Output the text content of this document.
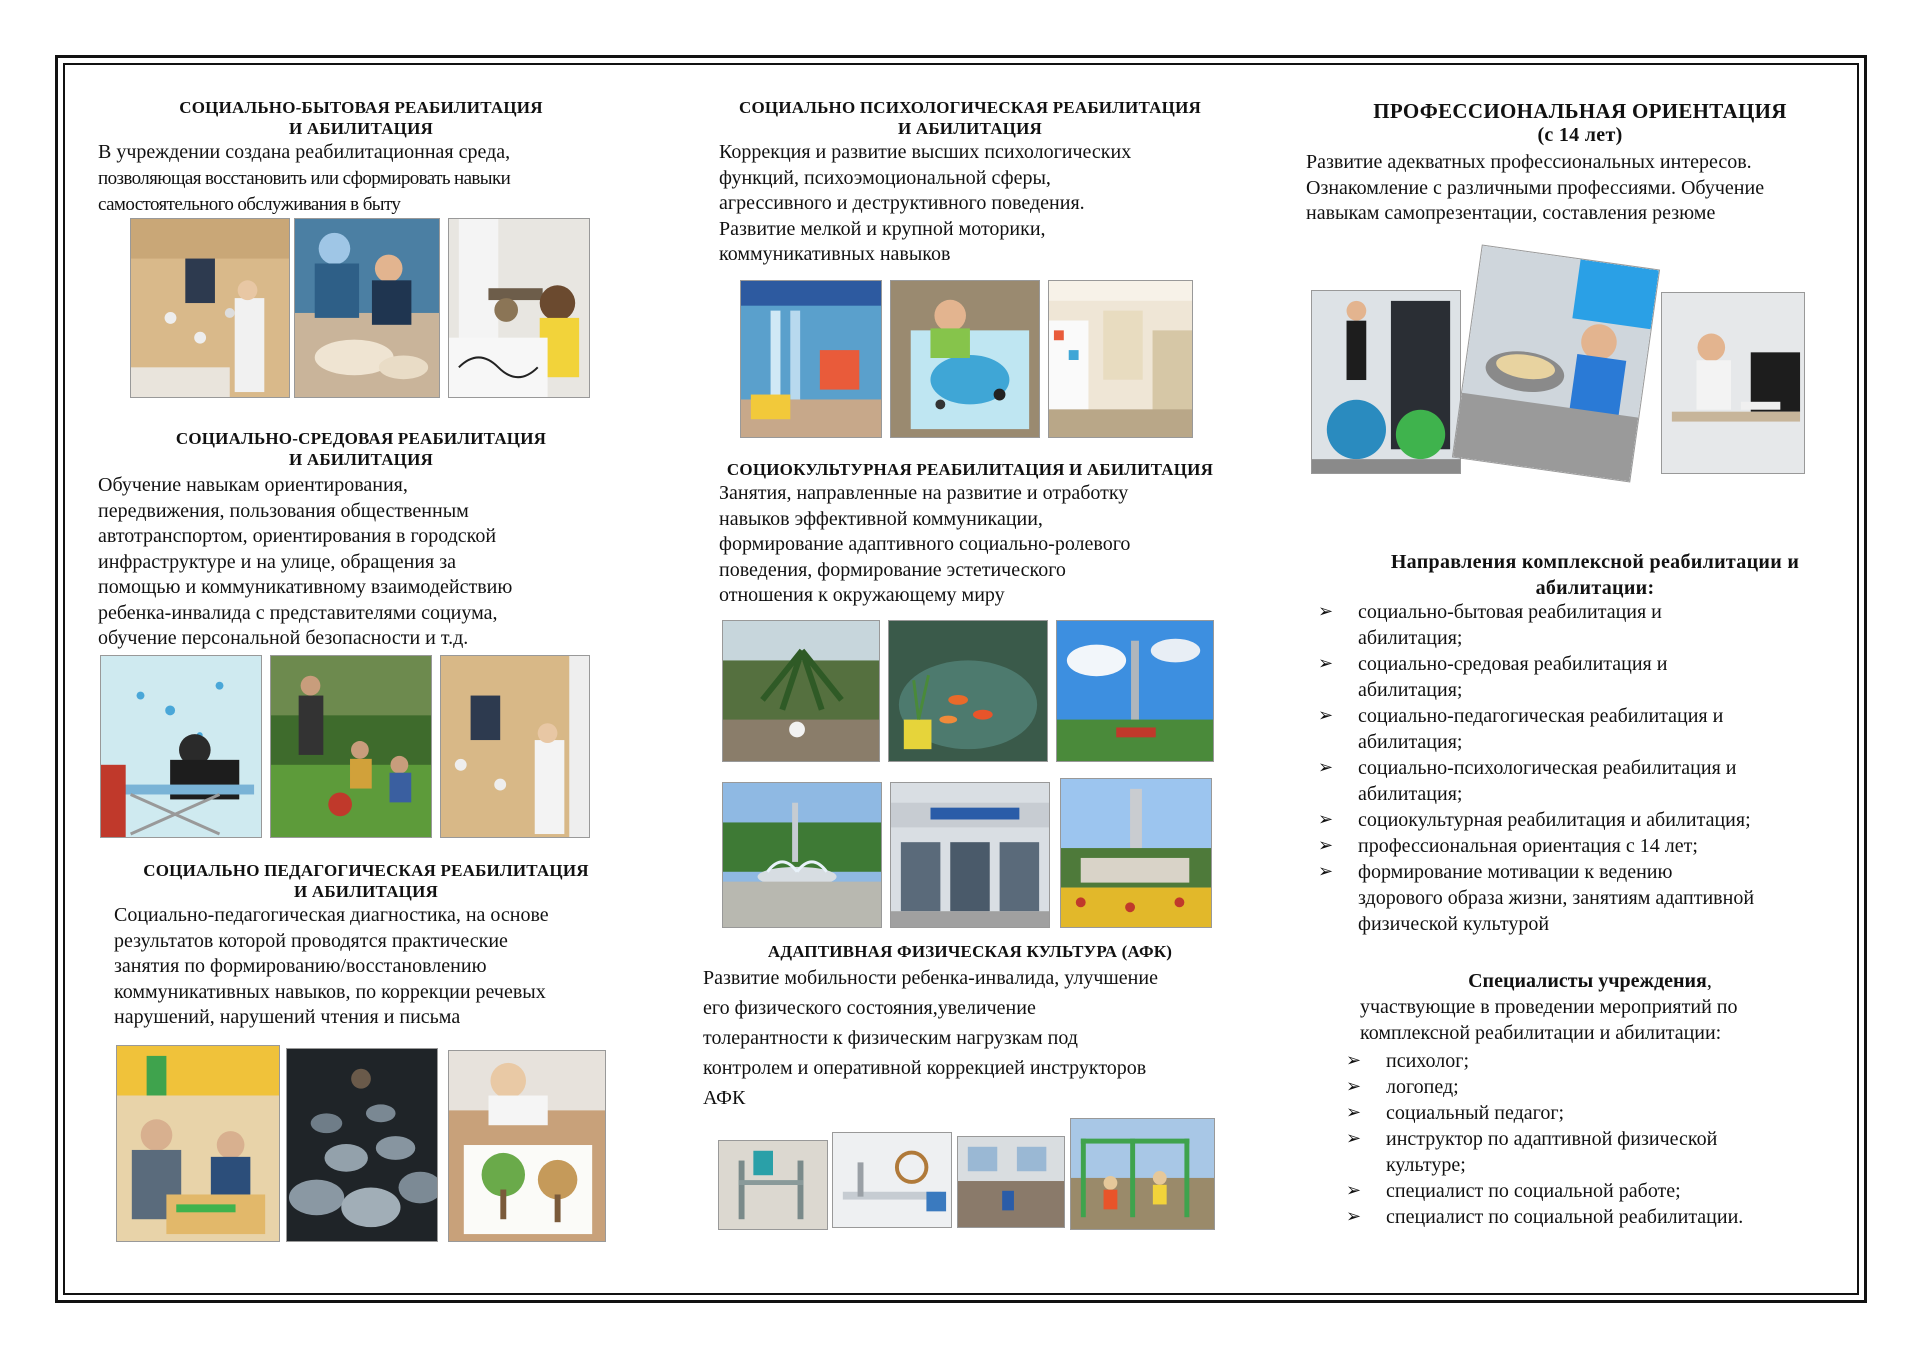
СОЦИАЛЬНО-БЫТОВАЯ РЕАБИЛИТАЦИЯ
И АБИЛИТАЦИЯ
В учреждении создана реабилитационная среда,
позволяющая восстановить или сформировать навыки
самостоятельного обслуживания в быту
СОЦИАЛЬНО-СРЕДОВАЯ РЕАБИЛИТАЦИЯ
И АБИЛИТАЦИЯ
Обучение навыкам ориентирования,
передвижения, пользования общественным
автотранспортом, ориентирования в городской
инфраструктуре и на улице, обращения за
помощью и коммуникативному взаимодействию
ребенка-инвалида с представителями социума,
обучение персональной безопасности и т.д.
СОЦИАЛЬНО ПЕДАГОГИЧЕСКАЯ РЕАБИЛИТАЦИЯ
И АБИЛИТАЦИЯ
Социально-педагогическая диагностика, на основе
результатов которой проводятся практические
занятия по формированию/восстановлению
коммуникативных навыков, по коррекции речевых
нарушений, нарушений чтения и письма
СОЦИАЛЬНО ПСИХОЛОГИЧЕСКАЯ РЕАБИЛИТАЦИЯ
И АБИЛИТАЦИЯ
Коррекция и развитие высших психологических
функций, психоэмоциональной сферы,
агрессивного и деструктивного поведения.
Развитие мелкой и крупной моторики,
коммуникативных навыков
СОЦИОКУЛЬТУРНАЯ РЕАБИЛИТАЦИЯ И АБИЛИТАЦИЯ
Занятия, направленные на развитие и отработку
навыков эффективной коммуникации,
формирование адаптивного социально-ролевого
поведения, формирование эстетического
отношения к окружающему миру
АДАПТИВНАЯ ФИЗИЧЕСКАЯ КУЛЬТУРА (АФК)
Развитие мобильности ребенка-инвалида, улучшение
его физического состояния,увеличение
толерантности к физическим нагрузкам под
контролем и оперативной коррекцией инструкторов
АФК
ПРОФЕССИОНАЛЬНАЯ ОРИЕНТАЦИЯ
(с 14 лет)
Развитие адекватных профессиональных интересов.
Ознакомление с различными профессиями. Обучение
навыкам самопрезентации, составления резюме
Направления комплексной реабилитации и
абилитации:
➢	социально-бытовая реабилитация и
абилитация;
➢	социально-средовая реабилитация и
абилитация;
➢	социально-педагогическая реабилитация и
абилитация;
➢	социально-психологическая реабилитация и
абилитация;
➢	социокультурная реабилитация и абилитация;
➢	профессиональная ориентация с 14 лет;
➢	формирование мотивации к ведению
здорового образа жизни, занятиям адаптивной
физической культурой
Специалисты учреждения,
участвующие в проведении мероприятий по
комплексной реабилитации и абилитации:
➢	психолог;
➢	логопед;
➢	социальный педагог;
➢	инструктор по адаптивной физической
культуре;
➢	специалист по социальной работе;
➢	специалист по социальной реабилитации.
